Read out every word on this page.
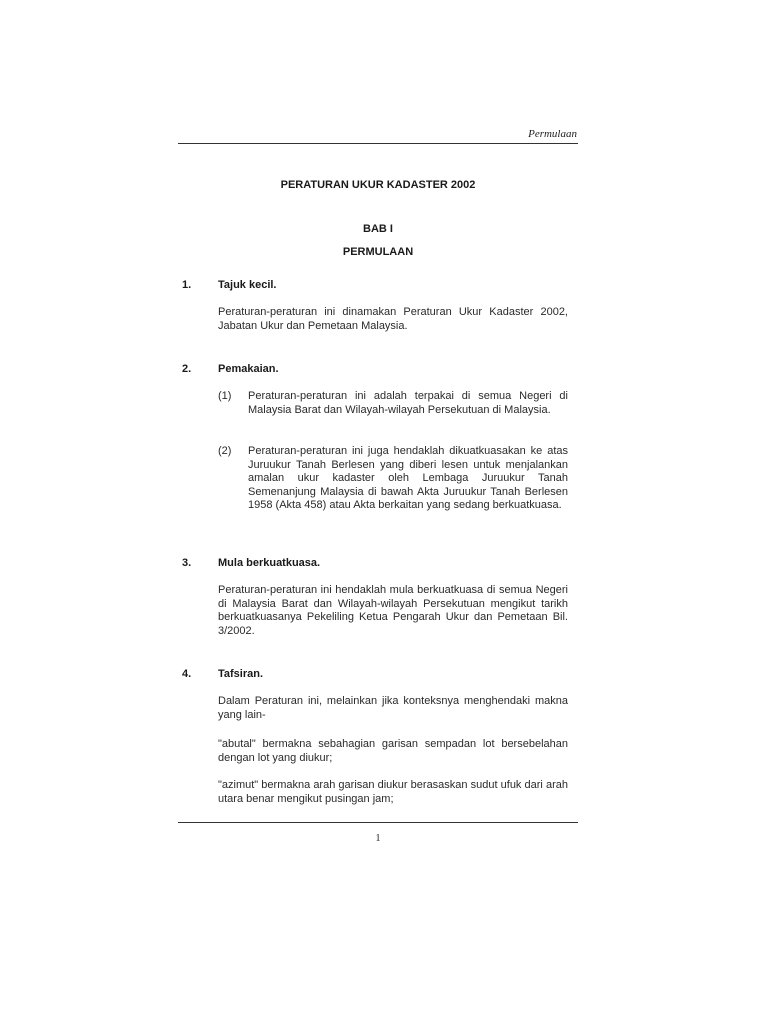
Permulaan
PERATURAN UKUR KADASTER 2002
BAB I
PERMULAAN
1.	Tajuk kecil.
Peraturan-peraturan ini dinamakan Peraturan Ukur Kadaster 2002, Jabatan Ukur dan Pemetaan Malaysia.
2.	Pemakaian.
(1)	Peraturan-peraturan ini adalah terpakai di semua Negeri di Malaysia Barat dan Wilayah-wilayah Persekutuan di Malaysia.
(2)	Peraturan-peraturan ini juga hendaklah dikuatkuasakan ke atas Juruukur Tanah Berlesen yang diberi lesen untuk menjalankan amalan ukur kadaster oleh Lembaga Juruukur Tanah Semenanjung Malaysia di bawah Akta Juruukur Tanah Berlesen 1958 (Akta 458) atau Akta berkaitan yang sedang berkuatkuasa.
3.	Mula berkuatkuasa.
Peraturan-peraturan ini hendaklah mula berkuatkuasa di semua Negeri di Malaysia Barat dan Wilayah-wilayah Persekutuan mengikut tarikh berkuatkuasanya Pekeliling Ketua Pengarah Ukur dan Pemetaan Bil. 3/2002.
4.	Tafsiran.
Dalam Peraturan ini, melainkan jika konteksnya menghendaki makna yang lain-
"abutal" bermakna sebahagian garisan sempadan lot bersebelahan dengan lot yang diukur;
"azimut" bermakna arah garisan diukur berasaskan sudut ufuk dari arah utara benar mengikut pusingan jam;
1
